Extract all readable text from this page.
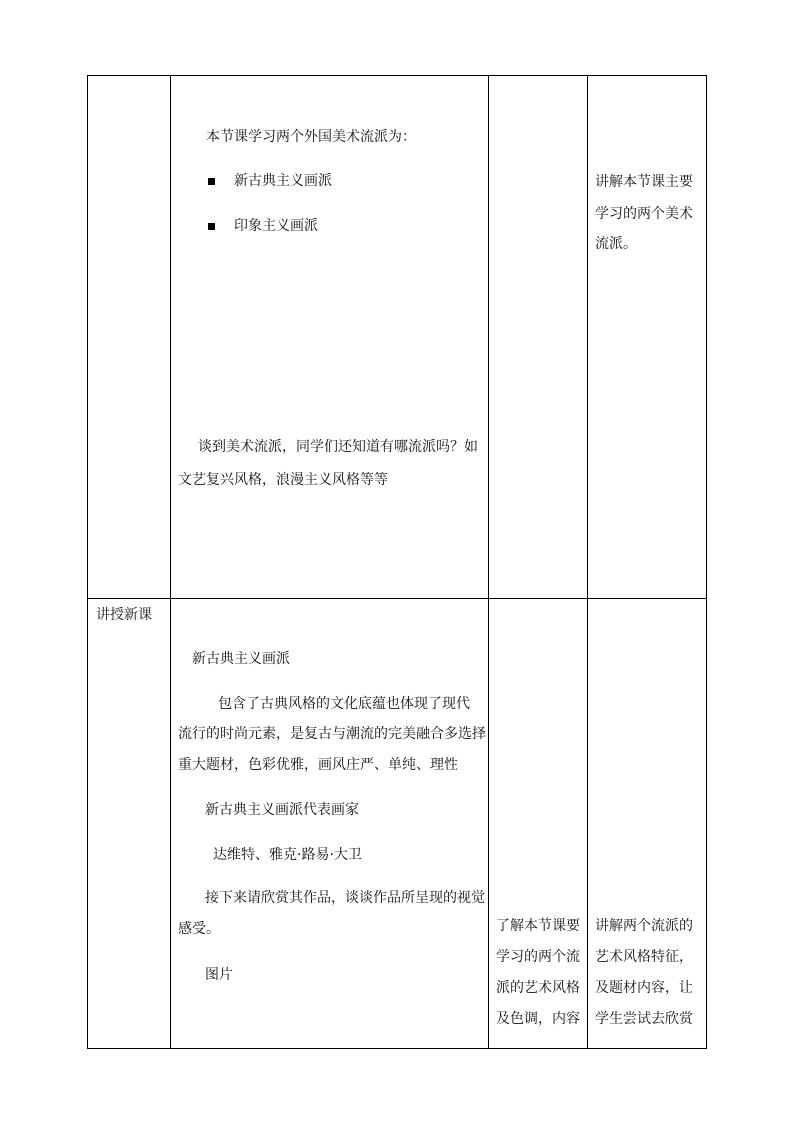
本节课学习两个外国美术流派为：
新古典主义画派
印象主义画派
谈到美术流派，同学们还知道有哪流派吗？如
文艺复兴风格，浪漫主义风格等等
讲解本节课主要
学习的两个美术
流派。
讲授新课
新古典主义画派
包含了古典风格的文化底蕴也体现了现代
流行的时尚元素，是复古与潮流的完美融合多选择
重大题材，色彩优雅，画风庄严、单纯、理性
新古典主义画派代表画家
达维特、雅克·路易·大卫
接下来请欣赏其作品，谈谈作品所呈现的视觉
感受。
图片
了解本节课要
学习的两个流
派的艺术风格
及色调，内容
讲解两个流派的
艺术风格特征，
及题材内容，让
学生尝试去欣赏
